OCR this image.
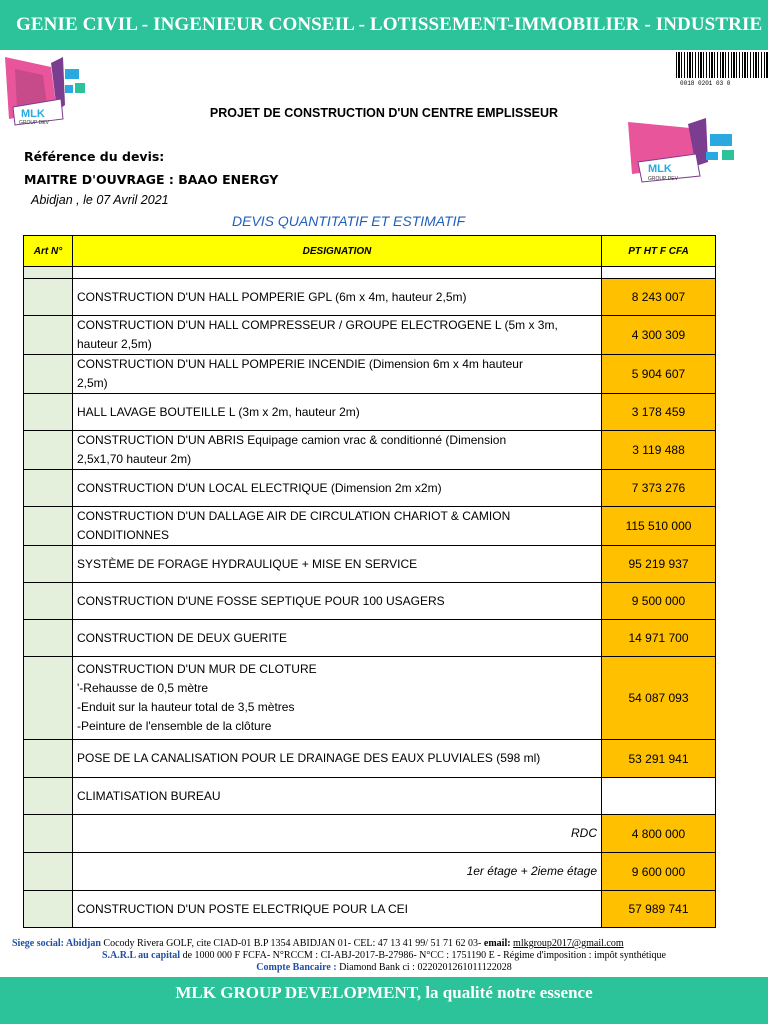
GENIE CIVIL - INGENIEUR CONSEIL - LOTISSEMENT-IMMOBILIER - INDUSTRIE
MLK
GROUP DEV
0018 0201 03 0
MLK
GROUP DEV
PROJET DE CONSTRUCTION D'UN CENTRE EMPLISSEUR
Référence du devis:
MAITRE D'OUVRAGE : BAAO ENERGY
Abidjan , le 07 Avril 2021
DEVIS QUANTITATIF ET ESTIMATIF
Art N°	DESIGNATION	PT HT F CFA

	CONSTRUCTION D'UN HALL POMPERIE GPL (6m x 4m, hauteur 2,5m)	8 243 007

	CONSTRUCTION D'UN HALL COMPRESSEUR / GROUPE ELECTROGENE L (5m x 3m,
hauteur 2,5m)	4 300 309

	CONSTRUCTION D'UN HALL POMPERIE INCENDIE (Dimension 6m x 4m hauteur
2,5m)	5 904 607

	HALL LAVAGE BOUTEILLE L (3m x 2m, hauteur 2m)	3 178 459

	CONSTRUCTION D'UN ABRIS Equipage camion vrac & conditionné (Dimension
2,5x1,70 hauteur 2m)	3 119 488

	CONSTRUCTION D'UN LOCAL ELECTRIQUE (Dimension 2m x2m)	7 373 276

	CONSTRUCTION D'UN DALLAGE AIR DE CIRCULATION CHARIOT & CAMION
CONDITIONNES	115 510 000

	SYSTÈME DE FORAGE HYDRAULIQUE + MISE EN SERVICE	95 219 937

	CONSTRUCTION D'UNE FOSSE SEPTIQUE POUR 100 USAGERS	9 500 000

	CONSTRUCTION DE DEUX GUERITE	14 971 700

	CONSTRUCTION D'UN MUR DE CLOTURE
'-Rehausse de 0,5 mètre
-Enduit sur la hauteur total de 3,5 mètres
-Peinture de l'ensemble de la clôture	54 087 093

	POSE DE LA CANALISATION POUR LE DRAINAGE DES EAUX PLUVIALES (598 ml)	53 291 941

	CLIMATISATION BUREAU	

	RDC	4 800 000

	1er étage + 2ieme étage	9 600 000

	CONSTRUCTION D'UN POSTE ELECTRIQUE POUR LA CEI	57 989 741
Siege social: Abidjan Cocody Rivera GOLF, cite CIAD-01 B.P 1354 ABIDJAN 01- CEL: 47 13 41 99/ 51 71 62 03- email: mlkgroup2017@gmail.com
S.A.R.L au capital de 1000 000 F FCFA- N°RCCM : CI-ABJ-2017-B-27986- N°CC : 1751190 E - Régime d'imposition : impôt synthétique
Compte Bancaire : Diamond Bank ci : 0220201261011122028
MLK GROUP DEVELOPMENT, la qualité notre essence
